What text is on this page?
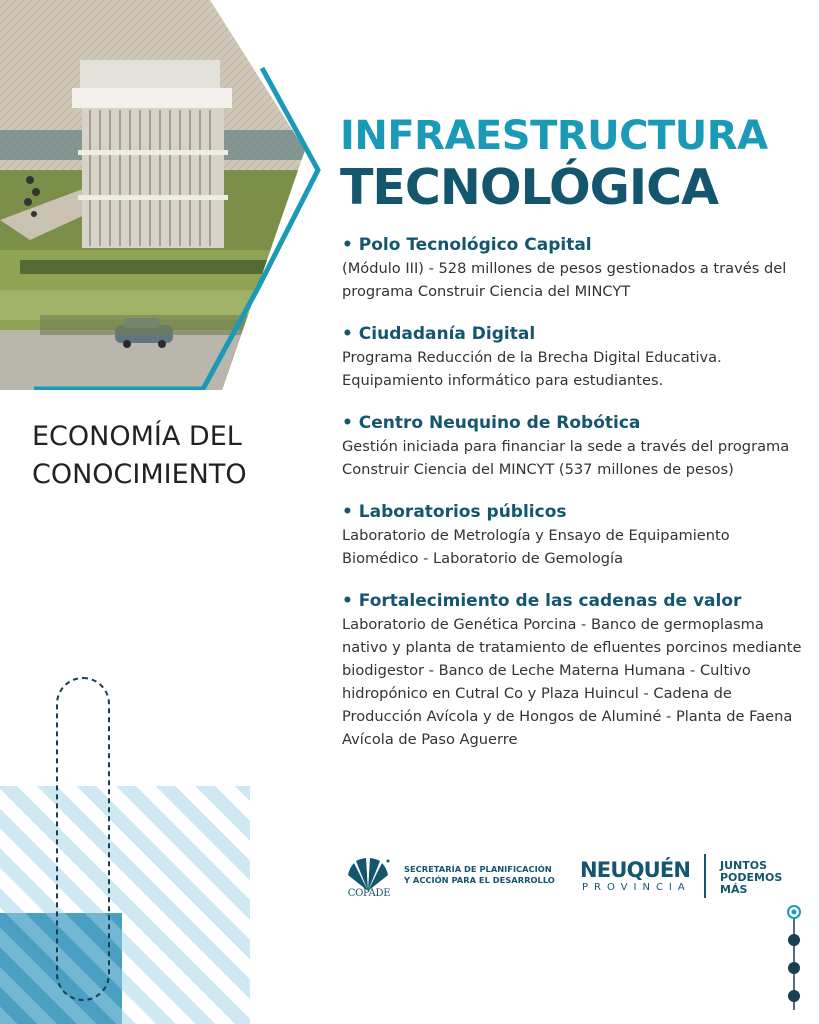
INFRAESTRUCTURA
TECNOLÓGICA
ECONOMÍA DEL
CONOCIMIENTO
• Polo Tecnológico Capital
(Módulo III) - 528 millones de pesos gestionados a través del programa Construir Ciencia del MINCYT
• Ciudadanía Digital
Programa Reducción de la Brecha Digital Educativa. Equipamiento informático para estudiantes.
• Centro Neuquino de Robótica
Gestión iniciada para financiar la sede a través del programa Construir Ciencia del MINCYT (537 millones de pesos)
• Laboratorios públicos
Laboratorio de Metrología y Ensayo de Equipamiento Biomédico - Laboratorio de Gemología
• Fortalecimiento de las cadenas de valor
Laboratorio de Genética Porcina - Banco de germoplasma nativo y planta de tratamiento de efluentes porcinos mediante biodigestor - Banco de Leche Materna Humana - Cultivo hidropónico en Cutral Co y Plaza Huincul - Cadena de Producción Avícola y de Hongos de Aluminé - Planta de Faena Avícola de Paso Aguerre
COPADE
SECRETARÍA DE PLANIFICACIÓN
Y ACCIÓN PARA EL DESARROLLO	NEUQUÉN
PROVINCIA
JUNTOS
PODEMOS
MÁS
